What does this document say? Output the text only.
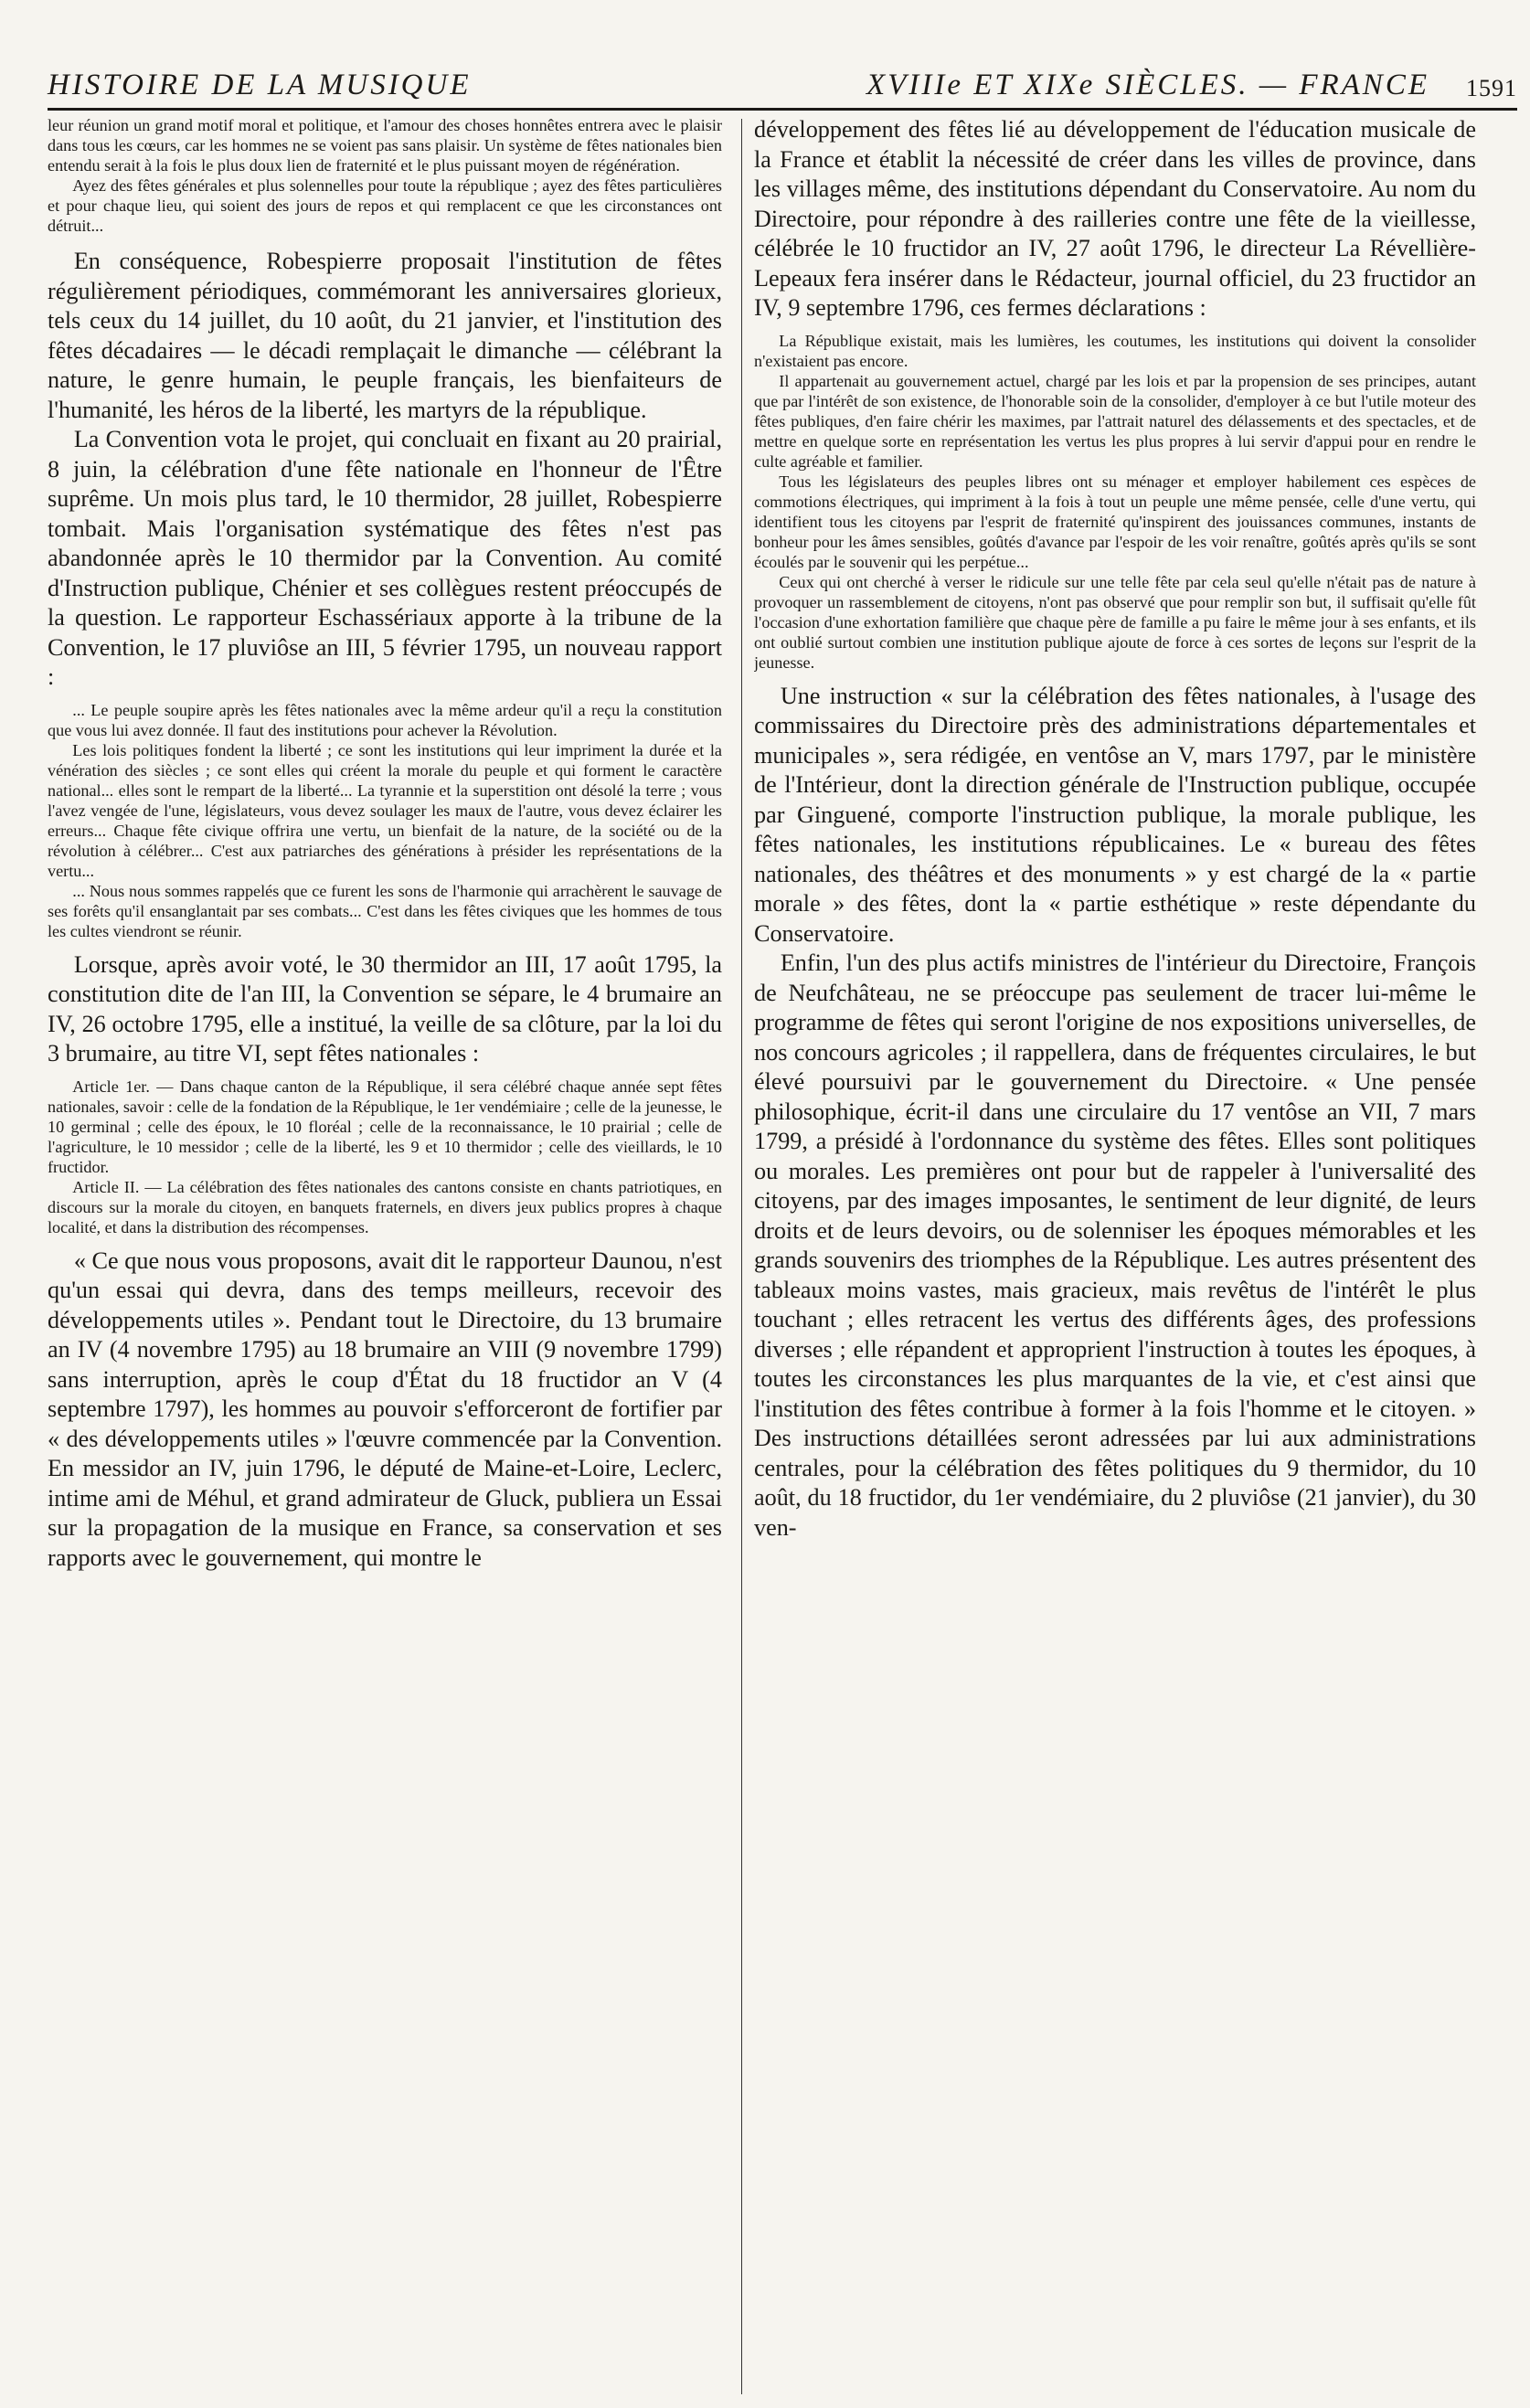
HISTOIRE DE LA MUSIQUE	XVIIIe ET XIXe SIÈCLES. — FRANCE 1591

leur réunion un grand motif moral et politique, et l'amour des choses honnêtes entrera avec le plaisir dans tous les cœurs, car les hommes ne se voient pas sans plaisir. Un système de fêtes nationales bien entendu serait à la fois le plus doux lien de fraternité et le plus puissant moyen de régénération.

Ayez des fêtes générales et plus solennelles pour toute la république ; ayez des fêtes particulières et pour chaque lieu, qui soient des jours de repos et qui remplacent ce que les circonstances ont détruit...

En conséquence, Robespierre proposait l'institution de fêtes régulièrement périodiques, commémorant les anniversaires glorieux, tels ceux du 14 juillet, du 10 août, du 21 janvier, et l'institution des fêtes décadaires — le décadi remplaçait le dimanche — célébrant la nature, le genre humain, le peuple français, les bienfaiteurs de l'humanité, les héros de la liberté, les martyrs de la république.

La Convention vota le projet, qui concluait en fixant au 20 prairial, 8 juin, la célébration d'une fête nationale en l'honneur de l'Être suprême. Un mois plus tard, le 10 thermidor, 28 juillet, Robespierre tombait. Mais l'organisation systématique des fêtes n'est pas abandonnée après le 10 thermidor par la Convention. Au comité d'Instruction publique, Chénier et ses collègues restent préoccupés de la question. Le rapporteur Eschassériaux apporte à la tribune de la Convention, le 17 pluviôse an III, 5 février 1795, un nouveau rapport :

... Le peuple soupire après les fêtes nationales avec la même ardeur qu'il a reçu la constitution que vous lui avez donnée. Il faut des institutions pour achever la Révolution.

Les lois politiques fondent la liberté ; ce sont les institutions qui leur impriment la durée et la vénération des siècles ; ce sont elles qui créent la morale du peuple et qui forment le caractère national... elles sont le rempart de la liberté... La tyrannie et la superstition ont désolé la terre ; vous l'avez vengée de l'une, législateurs, vous devez soulager les maux de l'autre, vous devez éclairer les erreurs... Chaque fête civique offrira une vertu, un bienfait de la nature, de la société ou de la révolution à célébrer... C'est aux patriarches des générations à présider les représentations de la vertu...

... Nous nous sommes rappelés que ce furent les sons de l'harmonie qui arrachèrent le sauvage de ses forêts qu'il ensanglantait par ses combats... C'est dans les fêtes civiques que les hommes de tous les cultes viendront se réunir.

Lorsque, après avoir voté, le 30 thermidor an III, 17 août 1795, la constitution dite de l'an III, la Convention se sépare, le 4 brumaire an IV, 26 octobre 1795, elle a institué, la veille de sa clôture, par la loi du 3 brumaire, au titre VI, sept fêtes nationales :

Article 1er. — Dans chaque canton de la République, il sera célébré chaque année sept fêtes nationales, savoir : celle de la fondation de la République, le 1er vendémiaire ; celle de la jeunesse, le 10 germinal ; celle des époux, le 10 floréal ; celle de la reconnaissance, le 10 prairial ; celle de l'agriculture, le 10 messidor ; celle de la liberté, les 9 et 10 thermidor ; celle des vieillards, le 10 fructidor.

Article II. — La célébration des fêtes nationales des cantons consiste en chants patriotiques, en discours sur la morale du citoyen, en banquets fraternels, en divers jeux publics propres à chaque localité, et dans la distribution des récompenses.

« Ce que nous vous proposons, avait dit le rapporteur Daunou, n'est qu'un essai qui devra, dans des temps meilleurs, recevoir des développements utiles ». Pendant tout le Directoire, du 13 brumaire an IV (4 novembre 1795) au 18 brumaire an VIII (9 novembre 1799) sans interruption, après le coup d'État du 18 fructidor an V (4 septembre 1797), les hommes au pouvoir s'efforceront de fortifier par « des développements utiles » l'œuvre commencée par la Convention. En messidor an IV, juin 1796, le député de Maine-et-Loire, Leclerc, intime ami de Méhul, et grand admirateur de Gluck, publiera un Essai sur la propagation de la musique en France, sa conservation et ses rapports avec le gouvernement, qui montre le

développement des fêtes lié au développement de l'éducation musicale de la France et établit la nécessité de créer dans les villes de province, dans les villages même, des institutions dépendant du Conservatoire. Au nom du Directoire, pour répondre à des railleries contre une fête de la vieillesse, célébrée le 10 fructidor an IV, 27 août 1796, le directeur La Révellière-Lepeaux fera insérer dans le Rédacteur, journal officiel, du 23 fructidor an IV, 9 septembre 1796, ces fermes déclarations :

La République existait, mais les lumières, les coutumes, les institutions qui doivent la consolider n'existaient pas encore.

Il appartenait au gouvernement actuel, chargé par les lois et par la propension de ses principes, autant que par l'intérêt de son existence, de l'honorable soin de la consolider, d'employer à ce but l'utile moteur des fêtes publiques, d'en faire chérir les maximes, par l'attrait naturel des délassements et des spectacles, et de mettre en quelque sorte en représentation les vertus les plus propres à lui servir d'appui pour en rendre le culte agréable et familier.

Tous les législateurs des peuples libres ont su ménager et employer habilement ces espèces de commotions électriques, qui impriment à la fois à tout un peuple une même pensée, celle d'une vertu, qui identifient tous les citoyens par l'esprit de fraternité qu'inspirent des jouissances communes, instants de bonheur pour les âmes sensibles, goûtés d'avance par l'espoir de les voir renaître, goûtés après qu'ils se sont écoulés par le souvenir qui les perpétue...

Ceux qui ont cherché à verser le ridicule sur une telle fête par cela seul qu'elle n'était pas de nature à provoquer un rassemblement de citoyens, n'ont pas observé que pour remplir son but, il suffisait qu'elle fût l'occasion d'une exhortation familière que chaque père de famille a pu faire le même jour à ses enfants, et ils ont oublié surtout combien une institution publique ajoute de force à ces sortes de leçons sur l'esprit de la jeunesse.

Une instruction « sur la célébration des fêtes nationales, à l'usage des commissaires du Directoire près des administrations départementales et municipales », sera rédigée, en ventôse an V, mars 1797, par le ministère de l'Intérieur, dont la direction générale de l'Instruction publique, occupée par Ginguené, comporte l'instruction publique, la morale publique, les fêtes nationales, les institutions républicaines. Le « bureau des fêtes nationales, des théâtres et des monuments » y est chargé de la « partie morale » des fêtes, dont la « partie esthétique » reste dépendante du Conservatoire.

Enfin, l'un des plus actifs ministres de l'intérieur du Directoire, François de Neufchâteau, ne se préoccupe pas seulement de tracer lui-même le programme de fêtes qui seront l'origine de nos expositions universelles, de nos concours agricoles ; il rappellera, dans de fréquentes circulaires, le but élevé poursuivi par le gouvernement du Directoire. « Une pensée philosophique, écrit-il dans une circulaire du 17 ventôse an VII, 7 mars 1799, a présidé à l'ordonnance du système des fêtes. Elles sont politiques ou morales. Les premières ont pour but de rappeler à l'universalité des citoyens, par des images imposantes, le sentiment de leur dignité, de leurs droits et de leurs devoirs, ou de solenniser les époques mémorables et les grands souvenirs des triomphes de la République. Les autres présentent des tableaux moins vastes, mais gracieux, mais revêtus de l'intérêt le plus touchant ; elles retracent les vertus des différents âges, des professions diverses ; elle répandent et approprient l'instruction à toutes les époques, à toutes les circonstances les plus marquantes de la vie, et c'est ainsi que l'institution des fêtes contribue à former à la fois l'homme et le citoyen. » Des instructions détaillées seront adressées par lui aux administrations centrales, pour la célébration des fêtes politiques du 9 thermidor, du 10 août, du 18 fructidor, du 1er vendémiaire, du 2 pluviôse (21 janvier), du 30 ven-
